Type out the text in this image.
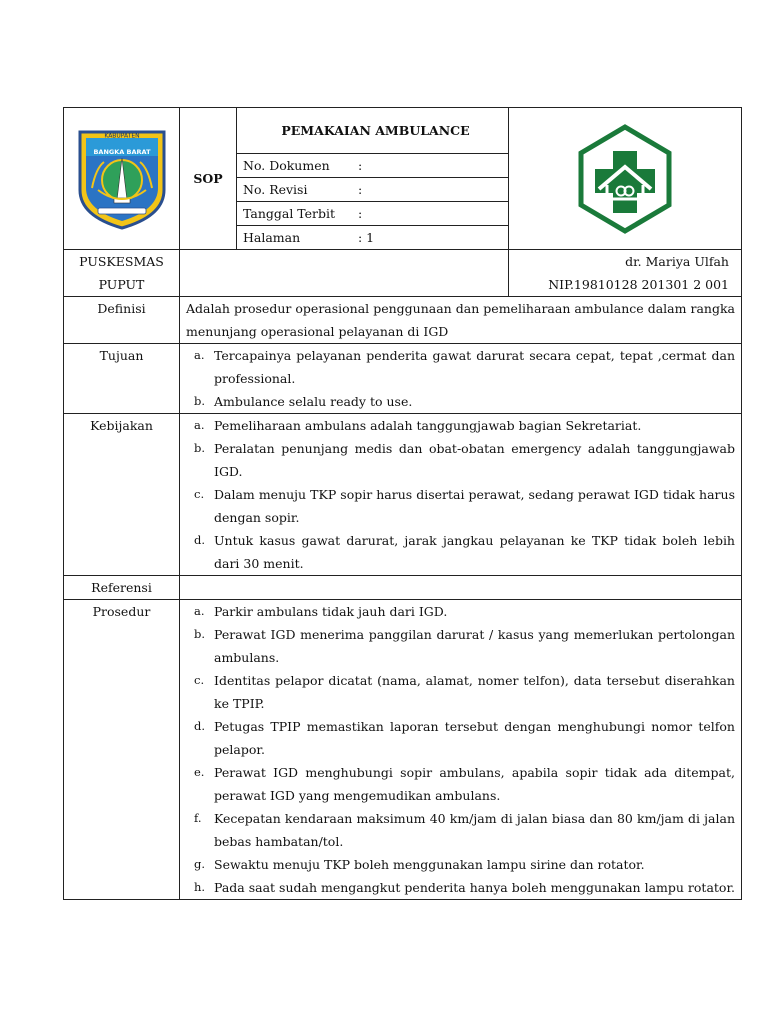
KABUPATEN
BANGKA BARAT
	SOP	
PEMAKAIAN AMBULANCE
No. Dokumen :
No. Revisi	:
Tanggal Terbit :
Halaman	: 1

PUSKESMAS
PUPUT

dr. Mariya Ulfah
NIP.19810128 201301 2 001

Definisi	Adalah prosedur operasional penggunaan dan pemeliharaan ambulance dalam rangka menunjang operasional pelayanan di IGD
Tujuan	a. Tercapainya pelayanan penderita gawat darurat secara cepat, tepat ,cermat dan professional.
b. Ambulance selalu ready to use.

Kebijakan	a. Pemeliharaan ambulans adalah tanggungjawab bagian Sekretariat.
b. Peralatan penunjang medis dan obat-obatan emergency adalah tanggungjawab IGD.
c. Dalam menuju TKP sopir harus disertai perawat, sedang perawat IGD tidak harus dengan sopir.
d. Untuk kasus gawat darurat, jarak jangkau pelayanan ke TKP tidak boleh lebih dari 30 menit.

Referensi	
Prosedur	a. Parkir ambulans tidak jauh dari IGD.
b. Perawat IGD menerima panggilan darurat / kasus yang memerlukan pertolongan ambulans.
c. Identitas pelapor dicatat (nama, alamat, nomer telfon), data tersebut diserahkan ke TPIP.
d. Petugas TPIP memastikan laporan tersebut dengan menghubungi nomor telfon pelapor.
e. Perawat IGD menghubungi sopir ambulans, apabila sopir tidak ada ditempat, perawat IGD yang mengemudikan ambulans.
f. Kecepatan kendaraan maksimum 40 km/jam di jalan biasa dan 80 km/jam di jalan bebas hambatan/tol.
g. Sewaktu menuju TKP boleh menggunakan lampu sirine dan rotator.
h. Pada saat sudah mengangkut penderita hanya boleh menggunakan lampu rotator.
